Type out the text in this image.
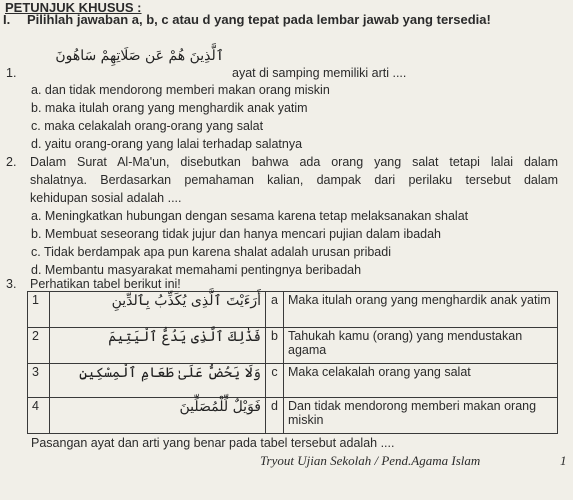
PETUNJUK KHUSUS :
I. Pilihlah jawaban a, b, c atau d yang tepat pada lembar jawab yang tersedia!
1.
ٱلَّذِينَ هُمْ عَن صَلَاتِهِمْ سَاهُونَ
ayat di samping memiliki arti ....
a. dan tidak mendorong memberi makan orang miskin
b. maka itulah orang yang menghardik anak yatim
c. maka celakalah orang-orang yang salat
d. yaitu orang-orang yang lalai terhadap salatnya
2. Dalam Surat Al-Ma'un, disebutkan bahwa ada orang yang salat tetapi lalai dalam
shalatnya. Berdasarkan pemahaman kalian, dampak dari perilaku tersebut dalam
kehidupan sosial adalah ....
a. Meningkatkan hubungan dengan sesama karena tetap melaksanakan shalat
b. Membuat seseorang tidak jujur dan hanya mencari pujian dalam ibadah
c. Tidak berdampak apa pun karena shalat adalah urusan pribadi
d. Membantu masyarakat memahami pentingnya beribadah
3. Perhatikan tabel berikut ini!
1	أَرَءَيْتَ ٱلَّذِى يُكَذِّبُ بِٱلدِّينِ	a	Maka itulah orang yang menghardik anak yatim
2	فَذَٰلِكَ ٱلَّذِى يَدُعُّ ٱلْيَتِيمَ	b	Tahukah kamu (orang) yang mendustakan agama
3	وَلَا يَحُضُّ عَلَىٰ طَعَامِ ٱلْمِسْكِينِ	c	Maka celakalah orang yang salat
4	فَوَيْلٌ لِّلْمُصَلِّينَ	d	Dan tidak mendorong memberi makan orang miskin
Pasangan ayat dan arti yang benar pada tabel tersebut adalah ....
Tryout Ujian Sekolah / Pend.Agama Islam	1
